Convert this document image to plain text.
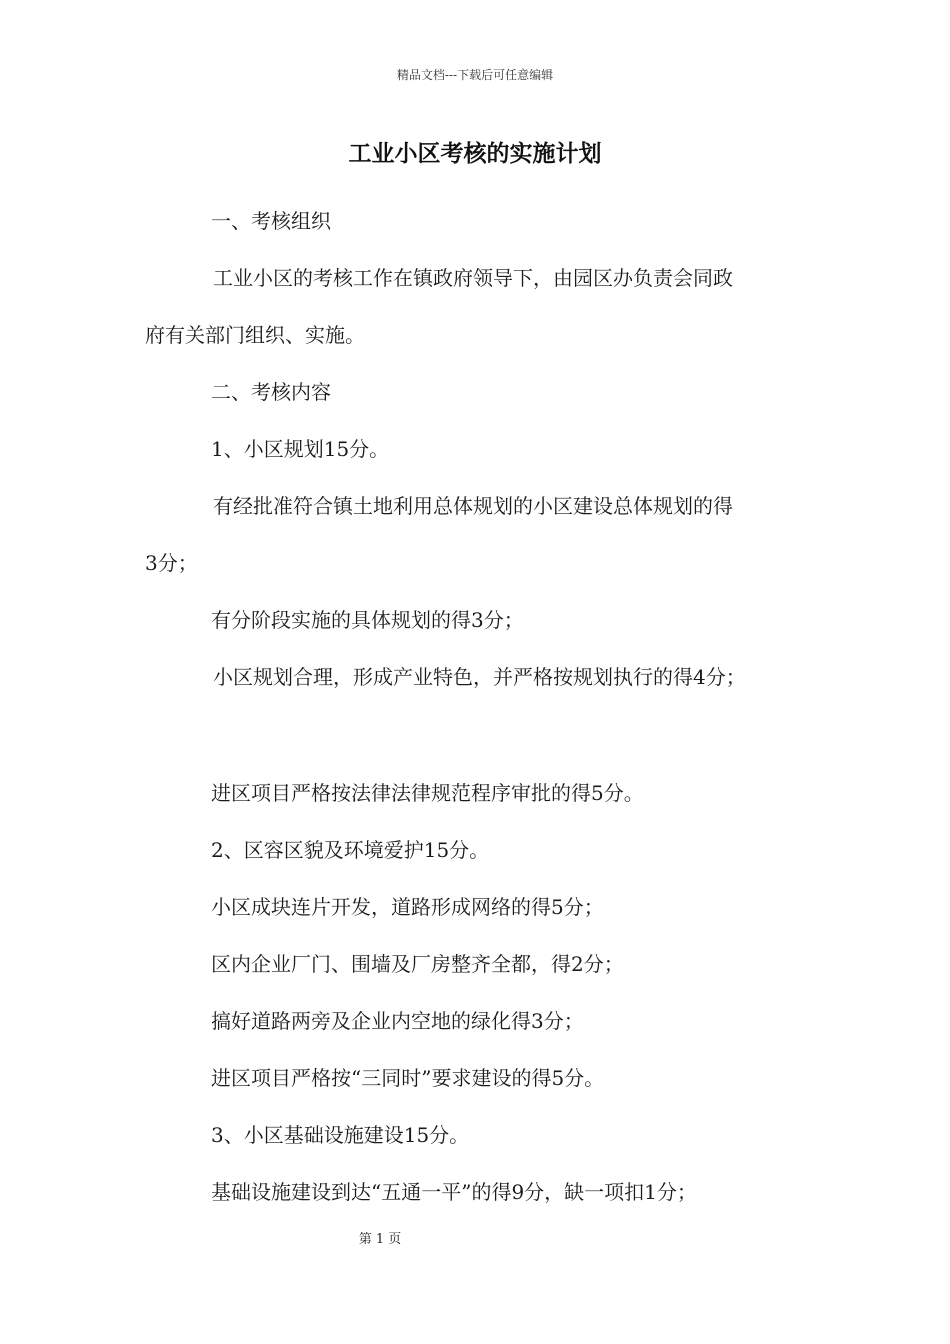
精品文档---下载后可任意编辑
工业小区考核的实施计划
一、考核组织
工业小区的考核工作在镇政府领导下，由园区办负责会同政
府有关部门组织、实施。
二、考核内容
1、小区规划15分。
有经批准符合镇土地利用总体规划的小区建设总体规划的得
3分；
有分阶段实施的具体规划的得3分；
小区规划合理，形成产业特色，并严格按规划执行的得4分；
进区项目严格按法律法律规范程序审批的得5分。
2、区容区貌及环境爱护15分。
小区成块连片开发，道路形成网络的得5分；
区内企业厂门、围墙及厂房整齐全都，得2分；
搞好道路两旁及企业内空地的绿化得3分；
进区项目严格按“三同时”要求建设的得5分。
3、小区基础设施建设15分。
基础设施建设到达“五通一平”的得9分，缺一项扣1分；
第 1 页
